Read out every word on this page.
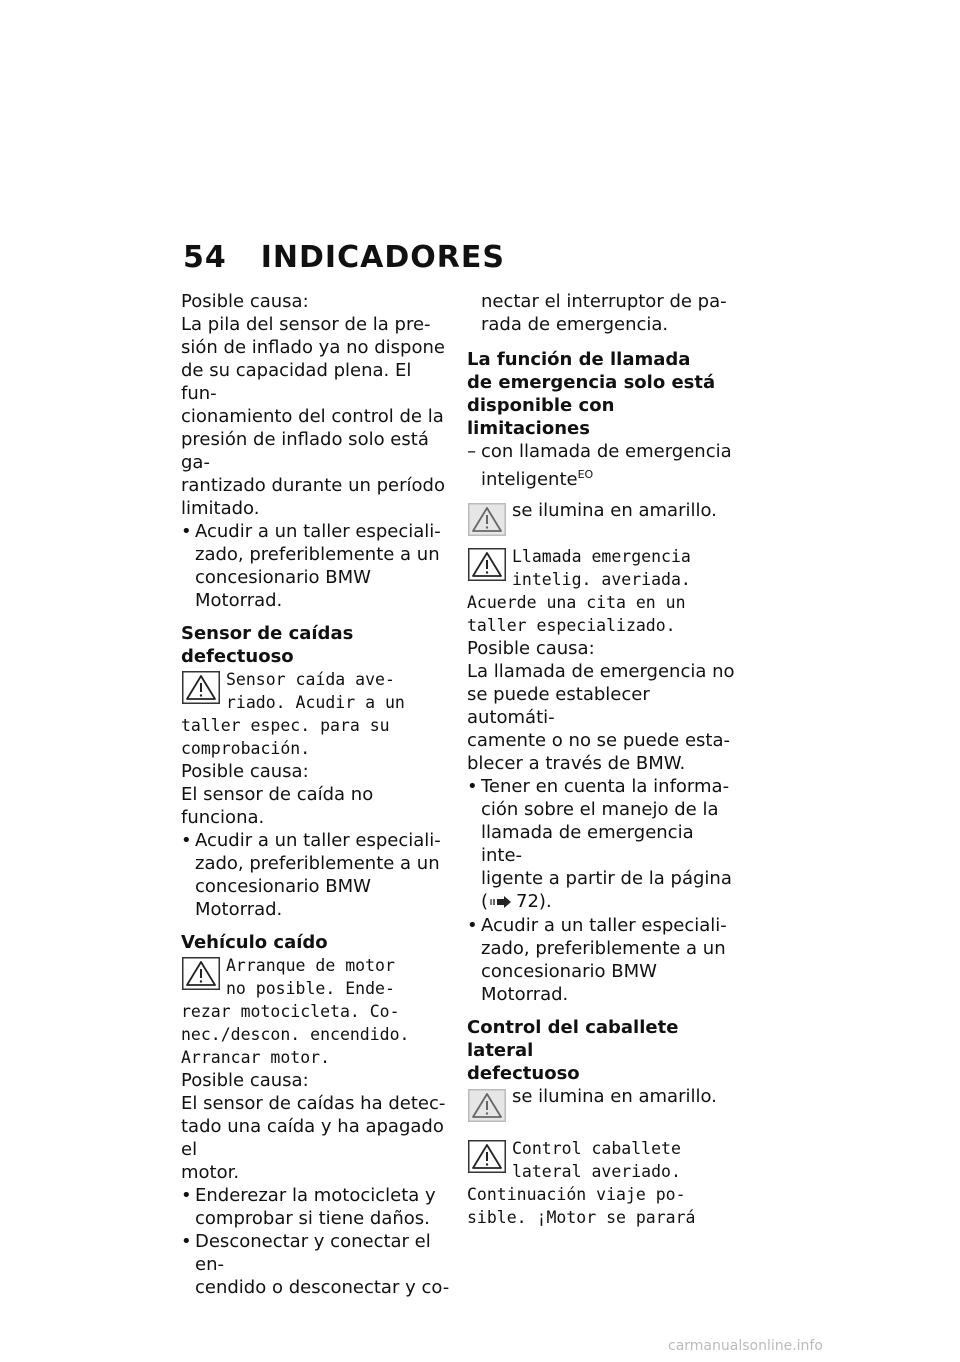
54 INDICADORES

Posible causa:

La pila del sensor de la pre-

sión de inflado ya no dispone

de su capacidad plena. El fun-

cionamiento del control de la

presión de inflado solo está ga-

rantizado durante un período

limitado.

• Acudir a un taller especiali-

zado, preferiblemente a un

concesionario BMW Motorrad.

Sensor de caídas defectuoso
Sensor caída ave-
riado. Acudir a un
taller espec. para su
comprobación.

Posible causa:

El sensor de caída no funciona.

• Acudir a un taller especiali-

zado, preferiblemente a un

concesionario BMW Motorrad.

Vehículo caído
Arranque de motor
no posible. Ende-
rezar motocicleta. Co-
nec./descon. encendido.
Arrancar motor.

Posible causa:

El sensor de caídas ha detec-

tado una caída y ha apagado el

motor.

• Enderezar la motocicleta y

comprobar si tiene daños.

• Desconectar y conectar el en-

cendido o desconectar y co-

nectar el interruptor de pa-

rada de emergencia.

La función de llamada
de emergencia solo está
disponible con limitaciones

– con llamada de emergencia

inteligente$^{EO}$

se ilumina en amarillo.

Llamada emergencia
intelig. averiada.
Acuerde una cita en un
taller especializado.

Posible causa:

La llamada de emergencia no

se puede establecer automáti-

camente o no se puede esta-

blecer a través de BMW.

• Tener en cuenta la informa-

ción sobre el manejo de la

llamada de emergencia inte-

ligente a partir de la página

( 72).

• Acudir a un taller especiali-

zado, preferiblemente a un

concesionario BMW Motorrad.

Control del caballete lateral
defectuoso

se ilumina en amarillo.

Control caballete
lateral averiado.
Continuación viaje po-
sible. ¡Motor se parará
carmanualsonline.info
